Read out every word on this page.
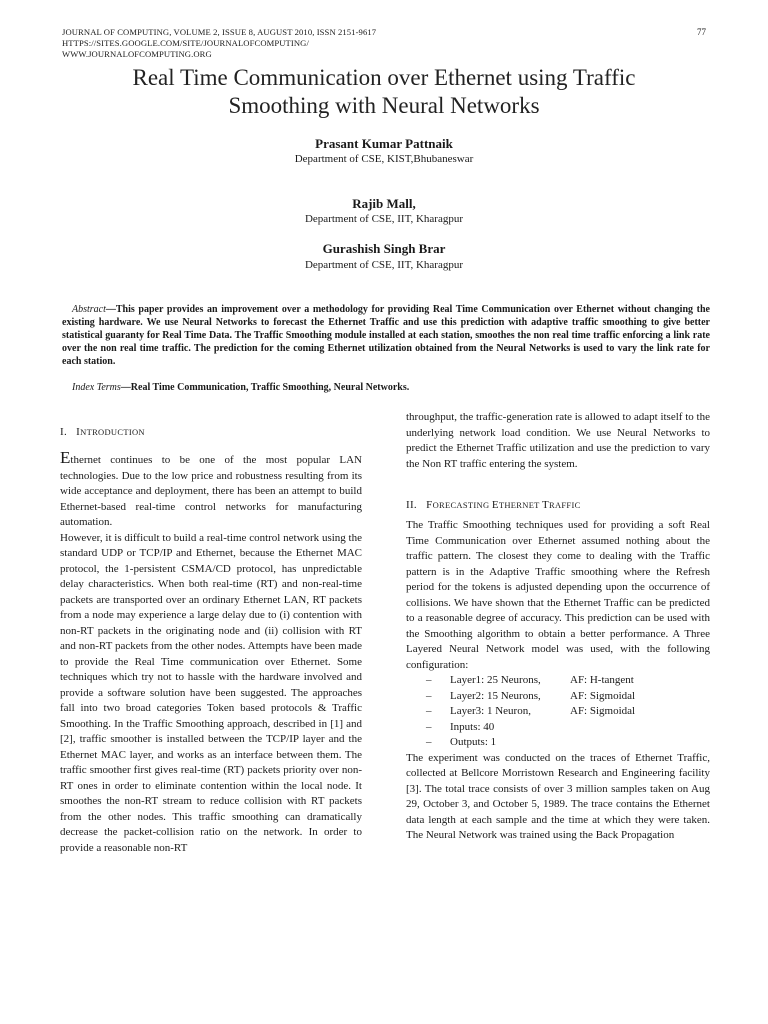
JOURNAL OF COMPUTING, VOLUME 2, ISSUE 8, AUGUST 2010, ISSN 2151-9617
HTTPS://SITES.GOOGLE.COM/SITE/JOURNALOFCOMPUTING/
WWW.JOURNALOFCOMPUTING.ORG
77
Real Time Communication over Ethernet using Traffic
Smoothing with Neural Networks
Prasant Kumar Pattnaik
Department of CSE, KIST,Bhubaneswar
Rajib Mall,
Department of CSE, IIT, Kharagpur
Gurashish Singh Brar
Department of CSE, IIT, Kharagpur
Abstract—This paper provides an improvement over a methodology for providing Real Time Communication over Ethernet without changing the existing hardware. We use Neural Networks to forecast the Ethernet Traffic and use this prediction with adaptive traffic smoothing to give better statistical guaranty for Real Time Data. The Traffic Smoothing module installed at each station, smoothes the non real time traffic enforcing a link rate over the non real time traffic. The prediction for the coming Ethernet utilization obtained from the Neural Networks is used to vary the link rate for each station.
Index Terms—Real Time Communication, Traffic Smoothing, Neural Networks.
I. INTRODUCTION

Ethernet continues to be one of the most popular LAN technologies. Due to the low price and robustness resulting from its wide acceptance and deployment, there has been an attempt to build Ethernet-based real-time control networks for manufacturing automation.

However, it is difficult to build a real-time control network using the standard UDP or TCP/IP and Ethernet, because the Ethernet MAC protocol, the 1-persistent CSMA/CD protocol, has unpredictable delay characteristics. When both real-time (RT) and non-real-time packets are transported over an ordinary Ethernet LAN, RT packets from a node may experience a large delay due to (i) contention with non-RT packets in the originating node and (ii) collision with RT and non-RT packets from the other nodes. Attempts have been made to provide the Real Time communication over Ethernet. Some techniques which try not to hassle with the hardware involved and provide a software solution have been suggested. The approaches fall into two broad categories Token based protocols & Traffic Smoothing. In the Traffic Smoothing approach, described in [1] and [2], traffic smoother is installed between the TCP/IP layer and the Ethernet MAC layer, and works as an interface between them. The traffic smoother first gives real-time (RT) packets priority over non-RT ones in order to eliminate contention within the local node. It smoothes the non-RT stream to reduce collision with RT packets from the other nodes. This traffic smoothing can dramatically decrease the packet-collision ratio on the network. In order to provide a reasonable non-RT

throughput, the traffic-generation rate is allowed to adapt itself to the underlying network load condition. We use Neural Networks to predict the Ethernet Traffic utilization and use the prediction to vary the Non RT traffic entering the system.

II. FORECASTING ETHERNET TRAFFIC

The Traffic Smoothing techniques used for providing a soft Real Time Communication over Ethernet assumed nothing about the traffic pattern. The closest they come to dealing with the Traffic pattern is in the Adaptive Traffic smoothing where the Refresh period for the tokens is adjusted depending upon the occurrence of collisions. We have shown that the Ethernet Traffic can be predicted to a reasonable degree of accuracy. This prediction can be used with the Smoothing algorithm to obtain a better performance. A Three Layered Neural Network model was used, with the following configuration:

– Layer1: 25 Neurons,	AF: H-tangent
– Layer2: 15 Neurons,	AF: Sigmoidal
– Layer3: 1 Neuron,	AF: Sigmoidal
– Inputs: 40
– Outputs: 1

The experiment was conducted on the traces of Ethernet Traffic, collected at Bellcore Morristown Research and Engineering facility [3]. The total trace consists of over 3 million samples taken on Aug 29, October 3, and October 5, 1989. The trace contains the Ethernet data length at each sample and the time at which they were taken. The Neural Network was trained using the Back Propagation
